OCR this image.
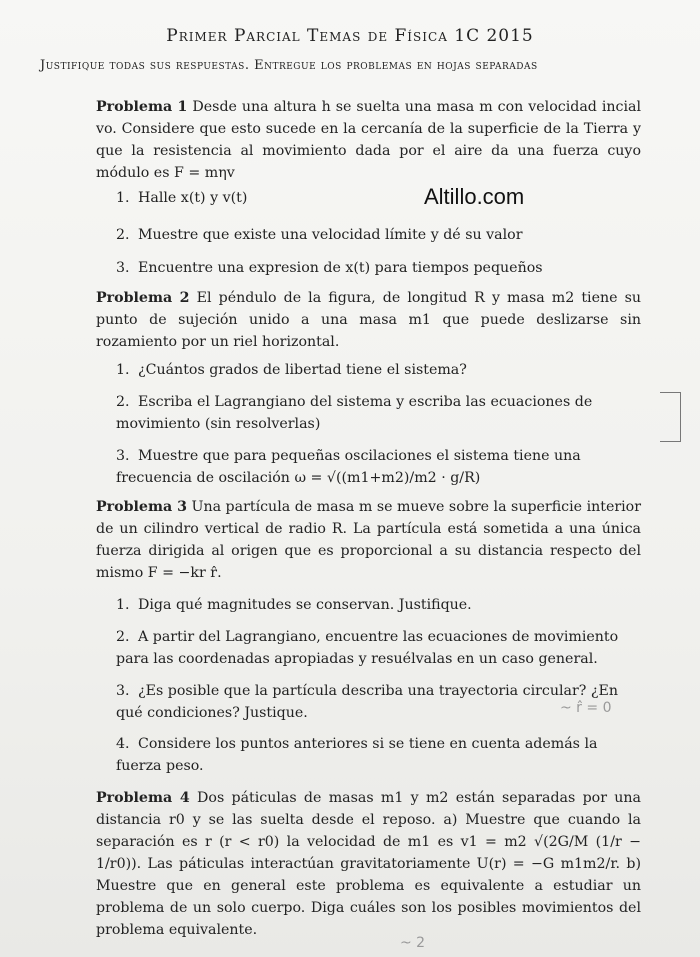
Primer Parcial Temas de Física 1C 2015
Justifique todas sus respuestas. Entregue los problemas en hojas separadas
Altillo.com
Problema 1 Desde una altura h se suelta una masa m con velocidad incial vo. Considere que esto sucede en la cercanía de la superficie de la Tierra y que la resistencia al movimiento dada por el aire da una fuerza cuyo módulo es F = mηv
1. Halle x(t) y v(t)
2. Muestre que existe una velocidad límite y dé su valor
3. Encuentre una expresion de x(t) para tiempos pequeños
Problema 2 El péndulo de la figura, de longitud R y masa m2 tiene su punto de sujeción unido a una masa m1 que puede deslizarse sin rozamiento por un riel horizontal.
1. ¿Cuántos grados de libertad tiene el sistema?
2. Escriba el Lagrangiano del sistema y escriba las ecuaciones de movimiento (sin resolverlas)
3. Muestre que para pequeñas oscilaciones el sistema tiene una frecuencia de oscilación ω = √((m1+m2)/m2 · g/R)
Problema 3 Una partícula de masa m se mueve sobre la superficie interior de un cilindro vertical de radio R. La partícula está sometida a una única fuerza dirigida al origen que es proporcional a su distancia respecto del mismo F = −kr r̂.
1. Diga qué magnitudes se conservan. Justifique.
2. A partir del Lagrangiano, encuentre las ecuaciones de movimiento para las coordenadas apropiadas y resuélvalas en un caso general.
3. ¿Es posible que la partícula describa una trayectoria circular? ¿En qué condiciones? Justique.	~ r̂ = 0
4. Considere los puntos anteriores si se tiene en cuenta además la fuerza peso.
Problema 4 Dos páticulas de masas m1 y m2 están separadas por una distancia r0 y se las suelta desde el reposo. a) Muestre que cuando la separación es r (r < r0) la velocidad de m1 es v1 = m2 √(2G/M (1/r − 1/r0)). Las páticulas interactúan gravitatoriamente U(r) = −G m1m2/r. b) Muestre que en general este problema es equivalente a estudiar un problema de un solo cuerpo. Diga cuáles son los posibles movimientos del problema equivalente.
~ 2
